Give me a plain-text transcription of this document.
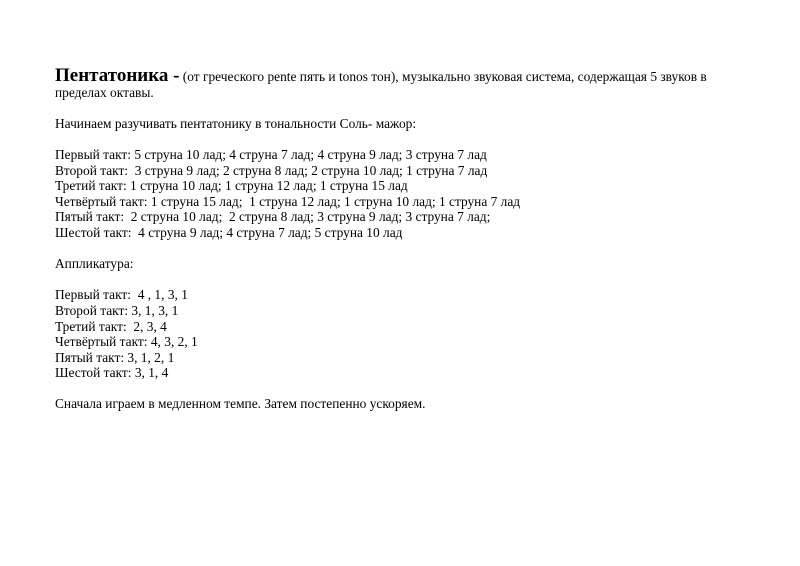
Пентатоника - (от греческого pente пять и tonos тон), музыкально звуковая система, содержащая 5 звуков в

пределах октавы.

Начинаем разучивать пентатонику в тональности Соль- мажор:

Первый такт: 5 струна 10 лад; 4 струна 7 лад; 4 струна 9 лад; 3 струна 7 лад
Второй такт:  3 струна 9 лад; 2 струна 8 лад; 2 струна 10 лад; 1 струна 7 лад
Третий такт: 1 струна 10 лад; 1 струна 12 лад; 1 струна 15 лад
Четвёртый такт: 1 струна 15 лад;  1 струна 12 лад; 1 струна 10 лад; 1 струна 7 лад
Пятый такт:  2 струна 10 лад;  2 струна 8 лад; 3 струна 9 лад; 3 струна 7 лад;
Шестой такт:  4 струна 9 лад; 4 струна 7 лад; 5 струна 10 лад

Аппликатура:

Первый такт:  4 , 1, 3, 1
Второй такт: 3, 1, 3, 1
Третий такт:  2, 3, 4
Четвёртый такт: 4, 3, 2, 1
Пятый такт: 3, 1, 2, 1
Шестой такт: 3, 1, 4

Сначала играем в медленном темпе. Затем постепенно ускоряем.
